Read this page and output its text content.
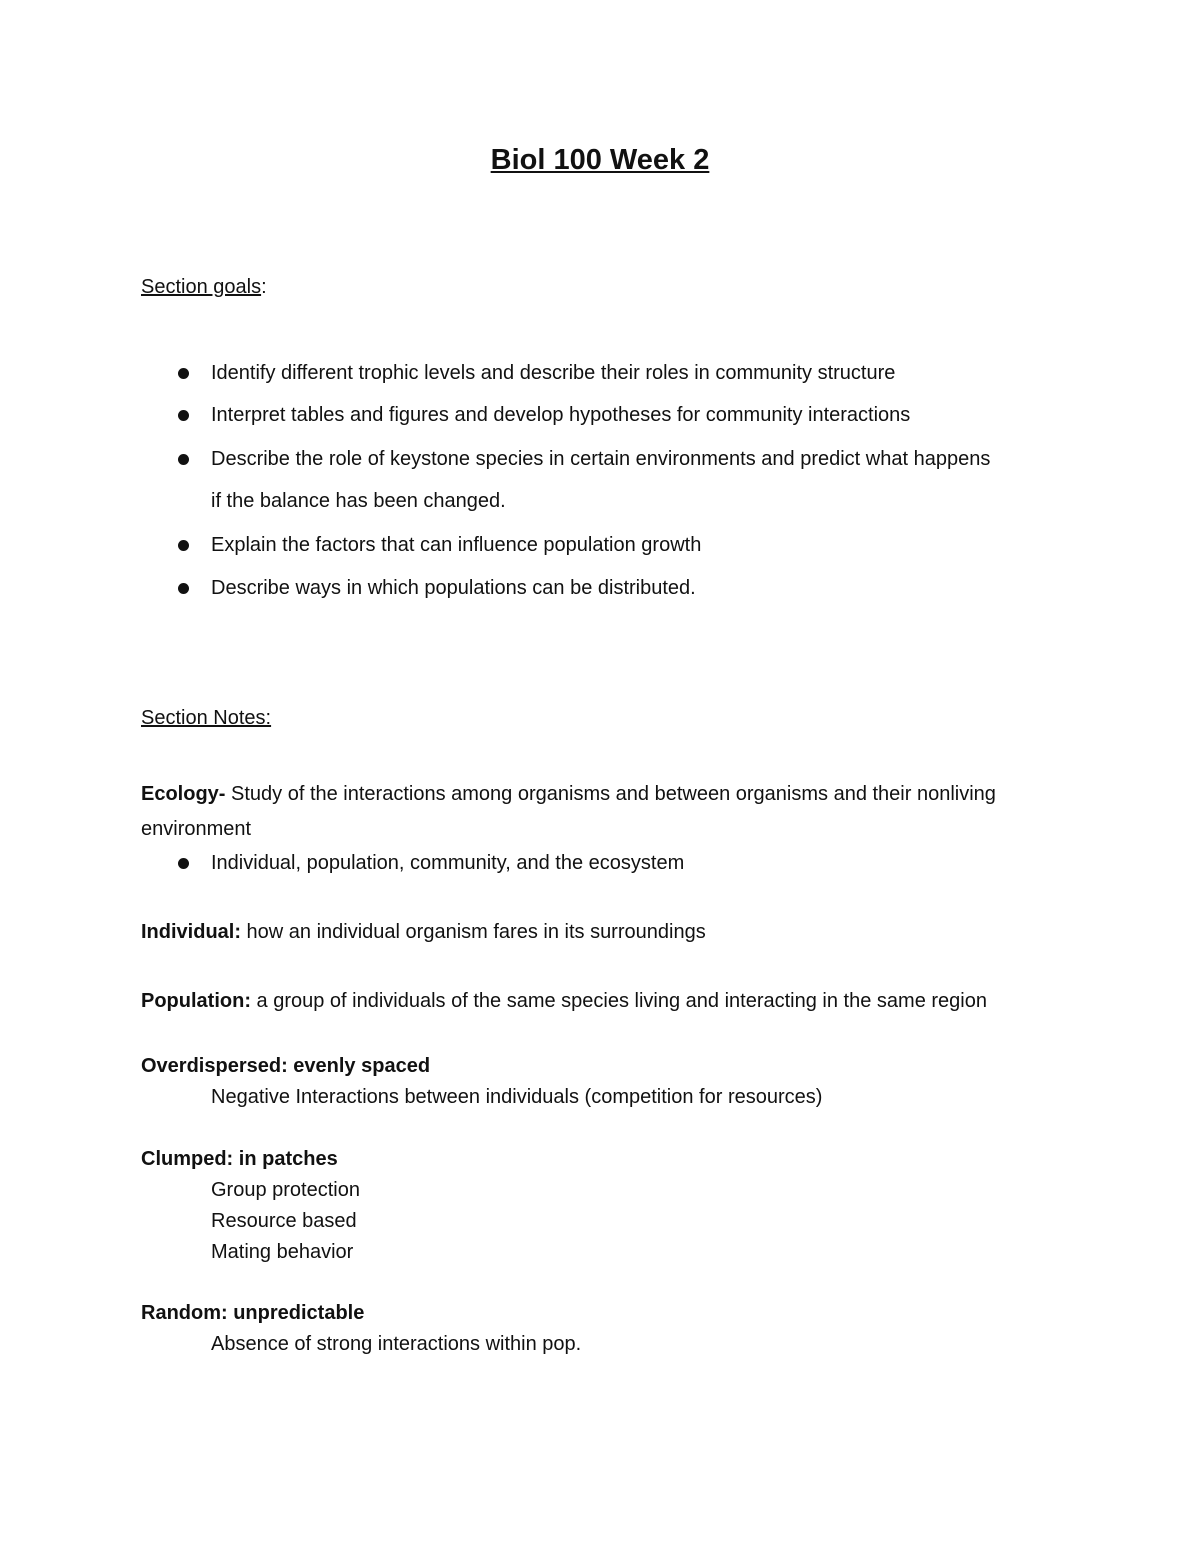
Biol 100 Week 2
Section goals:
Identify different trophic levels and describe their roles in community structure
Interpret tables and figures and develop hypotheses for community interactions
Describe the role of keystone species in certain environments and predict what happens
if the balance has been changed.
Explain the factors that can influence population growth
Describe ways in which populations can be distributed.
Section Notes:
Ecology- Study of the interactions among organisms and between organisms and their nonliving
environment
Individual, population, community, and the ecosystem
Individual: how an individual organism fares in its surroundings
Population: a group of individuals of the same species living and interacting in the same region
Overdispersed: evenly spaced
Negative Interactions between individuals (competition for resources)
Clumped: in patches
Group protection
Resource based
Mating behavior
Random: unpredictable
Absence of strong interactions within pop.
